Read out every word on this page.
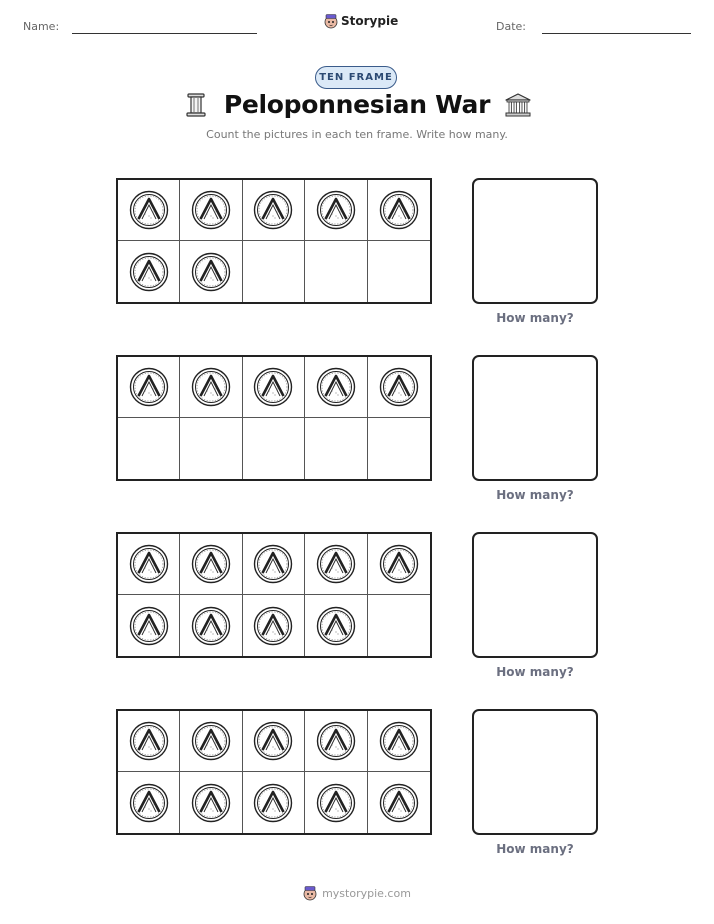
Name:	Storypie	Date:
TEN FRAME
Peloponnesian War
Count the pictures in each ten frame. Write how many.
How many?
How many?
How many?
How many?
mystorypie.com
